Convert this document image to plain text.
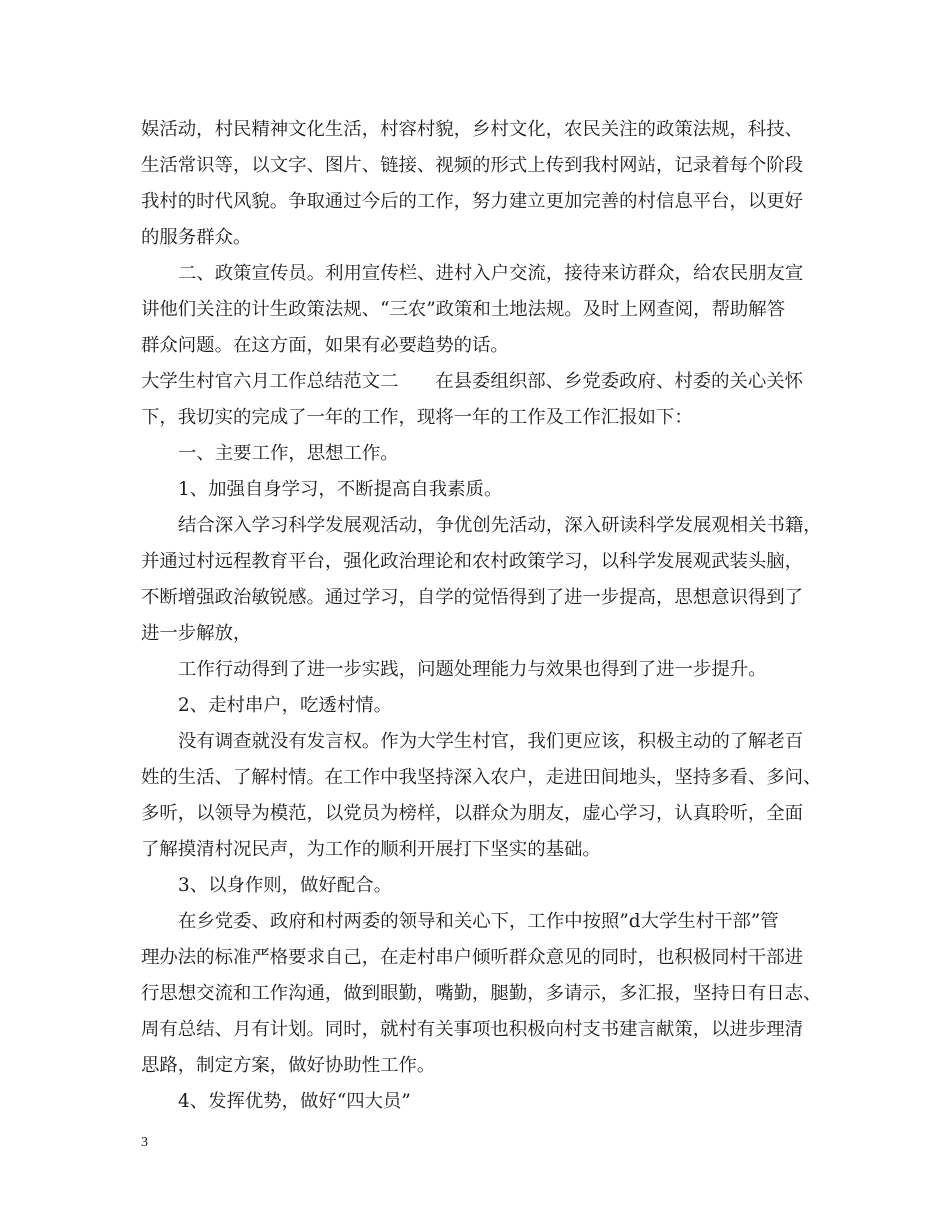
娱活动，村民精神文化生活，村容村貌，乡村文化，农民关注的政策法规，科技、
生活常识等，以文字、图片、链接、视频的形式上传到我村网站，记录着每个阶段
我村的时代风貌。争取通过今后的工作，努力建立更加完善的村信息平台，以更好
的服务群众。
二、政策宣传员。利用宣传栏、进村入户交流，接待来访群众，给农民朋友宣
讲他们关注的计生政策法规、“三农”政策和土地法规。及时上网查阅，帮助解答
群众问题。在这方面，如果有必要趋势的话。
大学生村官六月工作总结范文二　　在县委组织部、乡党委政府、村委的关心关怀
下，我切实的完成了一年的工作，现将一年的工作及工作汇报如下：
一、主要工作，思想工作。
1、加强自身学习，不断提高自我素质。
结合深入学习科学发展观活动，争优创先活动，深入研读科学发展观相关书籍，
并通过村远程教育平台，强化政治理论和农村政策学习，以科学发展观武装头脑，
不断增强政治敏锐感。通过学习，自学的觉悟得到了进一步提高，思想意识得到了
进一步解放，
工作行动得到了进一步实践，问题处理能力与效果也得到了进一步提升。
2、走村串户，吃透村情。
没有调查就没有发言权。作为大学生村官，我们更应该，积极主动的了解老百
姓的生活、了解村情。在工作中我坚持深入农户，走进田间地头，坚持多看、多问、
多听，以领导为模范，以党员为榜样，以群众为朋友，虚心学习，认真聆听，全面
了解摸清村况民声，为工作的顺利开展打下坚实的基础。
3、以身作则，做好配合。
在乡党委、政府和村两委的领导和关心下，工作中按照”d大学生村干部”管
理办法的标准严格要求自己，在走村串户倾听群众意见的同时，也积极同村干部进
行思想交流和工作沟通，做到眼勤，嘴勤，腿勤，多请示，多汇报，坚持日有日志、
周有总结、月有计划。同时，就村有关事项也积极向村支书建言献策，以进步理清
思路，制定方案，做好协助性工作。
4、发挥优势，做好“四大员”
3
